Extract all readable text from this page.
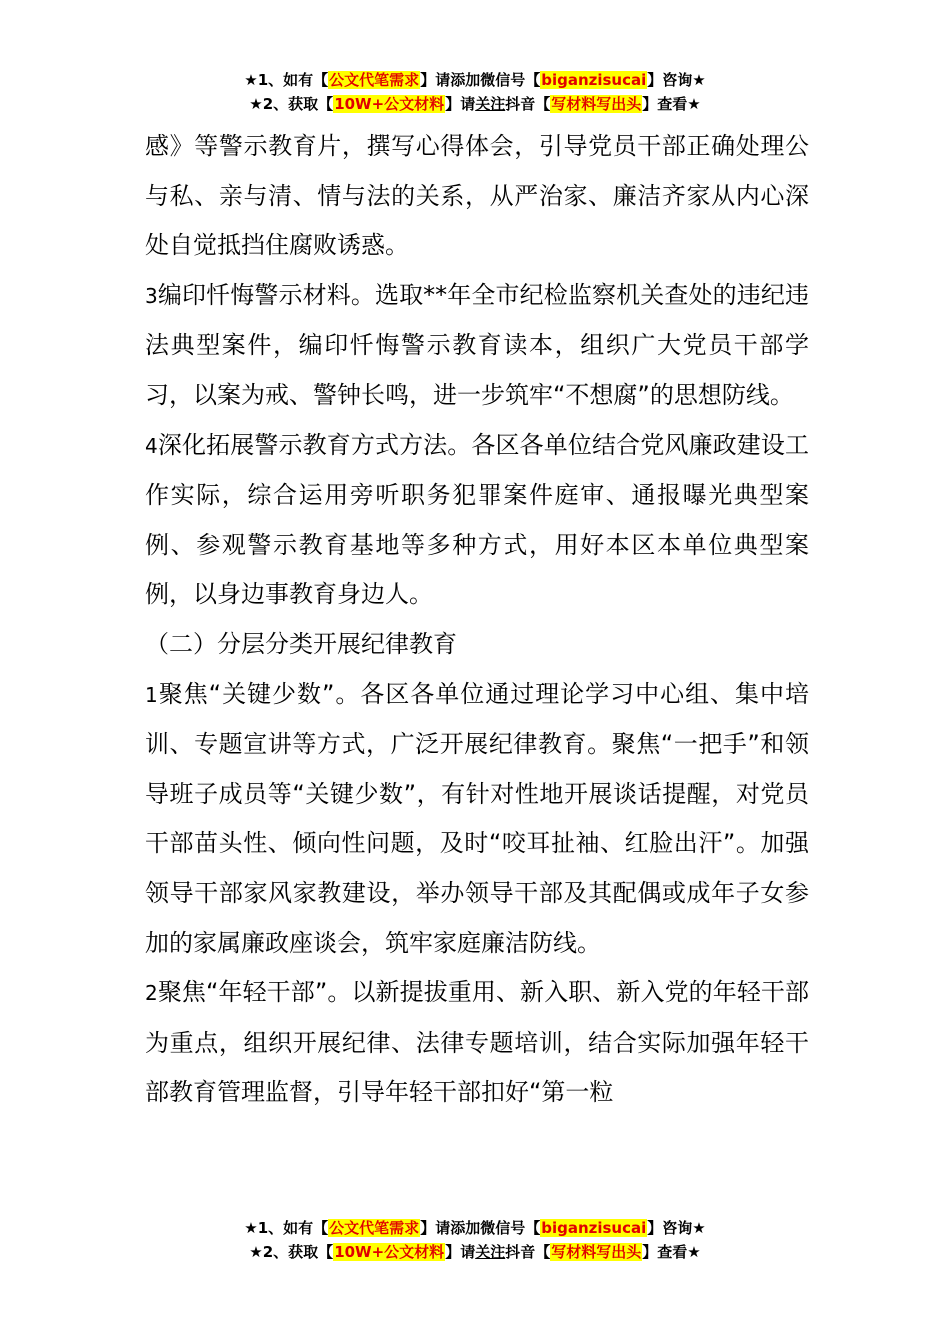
★1、如有【公文代笔需求】请添加微信号【biganzisucai】咨询★
★2、获取【10W+公文材料】请关注抖音【写材料写出头】查看★

感》等警示教育片，撰写心得体会，引导党员干部正确处理公与私、亲与清、情与法的关系，从严治家、廉洁齐家从内心深处自觉抵挡住腐败诱惑。

3编印忏悔警示材料。选取**年全市纪检监察机关查处的违纪违法典型案件，编印忏悔警示教育读本，组织广大党员干部学习，以案为戒、警钟长鸣，进一步筑牢“不想腐”的思想防线。

4深化拓展警示教育方式方法。各区各单位结合党风廉政建设工作实际，综合运用旁听职务犯罪案件庭审、通报曝光典型案例、参观警示教育基地等多种方式，用好本区本单位典型案例，以身边事教育身边人。

（二）分层分类开展纪律教育

1聚焦“关键少数”。各区各单位通过理论学习中心组、集中培训、专题宣讲等方式，广泛开展纪律教育。聚焦“一把手”和领导班子成员等“关键少数”，有针对性地开展谈话提醒，对党员干部苗头性、倾向性问题，及时“咬耳扯袖、红脸出汗”。加强领导干部家风家教建设，举办领导干部及其配偶或成年子女参加的家属廉政座谈会，筑牢家庭廉洁防线。

2聚焦“年轻干部”。以新提拔重用、新入职、新入党的年轻干部为重点，组织开展纪律、法律专题培训，结合实际加强年轻干部教育管理监督，引导年轻干部扣好“第一粒

★1、如有【公文代笔需求】请添加微信号【biganzisucai】咨询★
★2、获取【10W+公文材料】请关注抖音【写材料写出头】查看★
